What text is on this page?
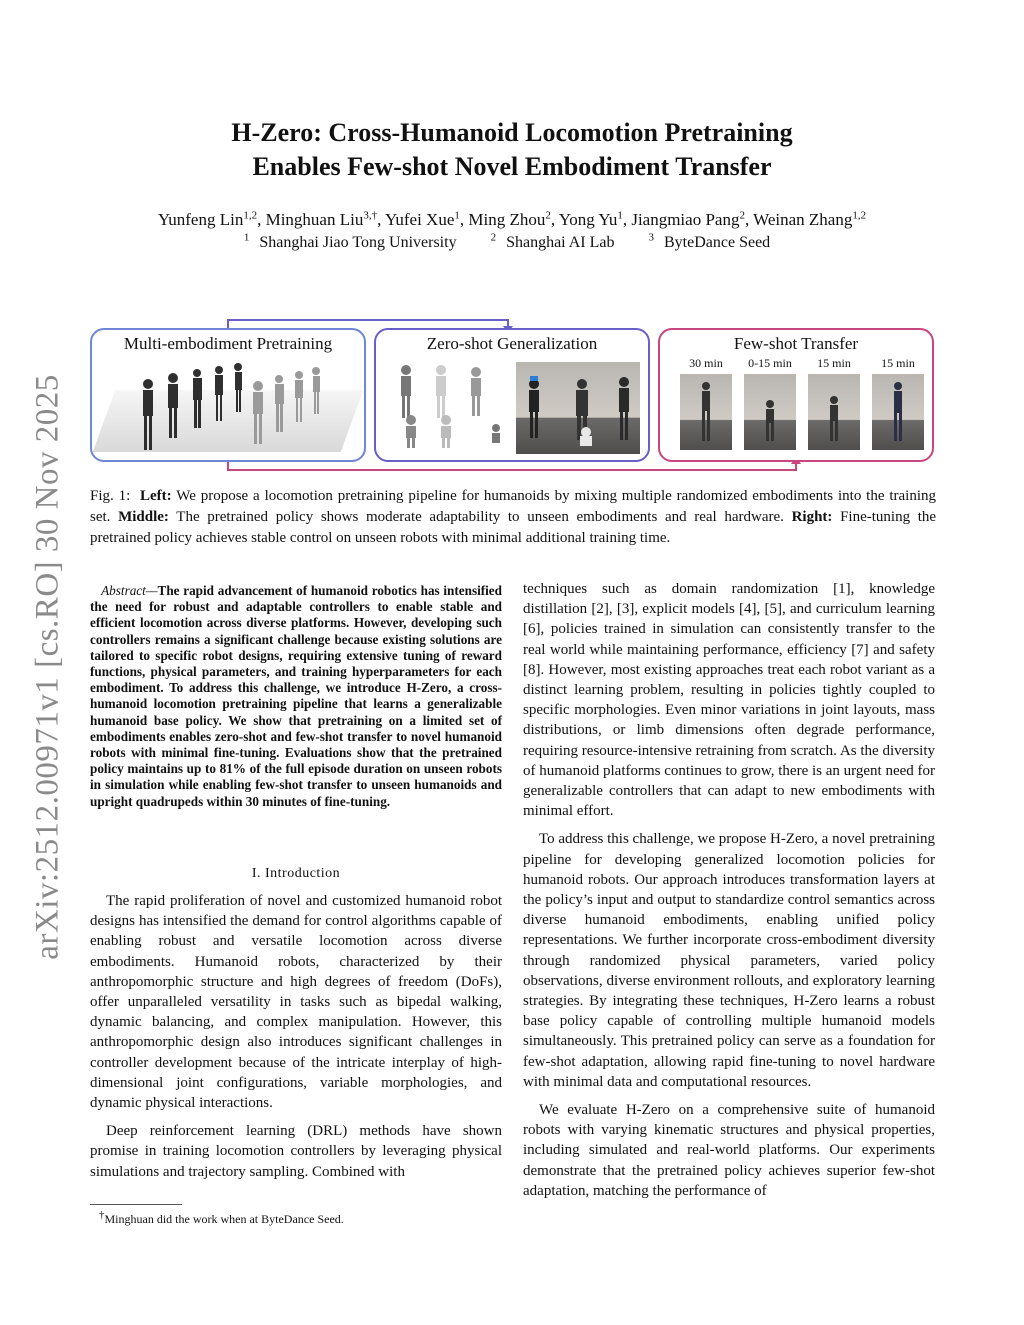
arXiv:2512.00971v1 [cs.RO] 30 Nov 2025
H-Zero: Cross-Humanoid Locomotion Pretraining
Enables Few-shot Novel Embodiment Transfer
Yunfeng Lin$^{1,2}$, Minghuan Liu$^{3,\dagger}$, Yufei Xue$^1$, Ming Zhou$^2$, Yong Yu$^1$, Jiangmiao Pang$^2$, Weinan Zhang$^{1,2}$
$^1$ Shanghai Jiao Tong University	$^2$ Shanghai AI Lab	$^3$ ByteDance Seed
Multi-embodiment Pretraining	Zero-shot Generalization	Few-shot Transfer
30 min	0-15 min	15 min	15 min
Fig. 1: Left: We propose a locomotion pretraining pipeline for humanoids by mixing multiple randomized embodiments into the training set. Middle: The pretrained policy shows moderate adaptability to unseen embodiments and real hardware. Right: Fine-tuning the pretrained policy achieves stable control on unseen robots with minimal additional training time.
Abstract—The rapid advancement of humanoid robotics has intensified the need for robust and adaptable controllers to enable stable and efficient locomotion across diverse platforms. However, developing such controllers remains a significant challenge because existing solutions are tailored to specific robot designs, requiring extensive tuning of reward functions, physical parameters, and training hyperparameters for each embodiment. To address this challenge, we introduce H-Zero, a cross-humanoid locomotion pretraining pipeline that learns a generalizable humanoid base policy. We show that pretraining on a limited set of embodiments enables zero-shot and few-shot transfer to novel humanoid robots with minimal fine-tuning. Evaluations show that the pretrained policy maintains up to 81% of the full episode duration on unseen robots in simulation while enabling few-shot transfer to unseen humanoids and upright quadrupeds within 30 minutes of fine-tuning.
I. Introduction

The rapid proliferation of novel and customized humanoid robot designs has intensified the demand for control algorithms capable of enabling robust and versatile locomotion across diverse embodiments. Humanoid robots, characterized by their anthropomorphic structure and high degrees of freedom (DoFs), offer unparalleled versatility in tasks such as bipedal walking, dynamic balancing, and complex manipulation. However, this anthropomorphic design also introduces significant challenges in controller development because of the intricate interplay of high-dimensional joint configurations, variable morphologies, and dynamic physical interactions.

Deep reinforcement learning (DRL) methods have shown promise in training locomotion controllers by leveraging physical simulations and trajectory sampling. Combined with

†Minghuan did the work when at ByteDance Seed.

techniques such as domain randomization [1], knowledge distillation [2], [3], explicit models [4], [5], and curriculum learning [6], policies trained in simulation can consistently transfer to the real world while maintaining performance, efficiency [7] and safety [8]. However, most existing approaches treat each robot variant as a distinct learning problem, resulting in policies tightly coupled to specific morphologies. Even minor variations in joint layouts, mass distributions, or limb dimensions often degrade performance, requiring resource-intensive retraining from scratch. As the diversity of humanoid platforms continues to grow, there is an urgent need for generalizable controllers that can adapt to new embodiments with minimal effort.

To address this challenge, we propose H-Zero, a novel pretraining pipeline for developing generalized locomotion policies for humanoid robots. Our approach introduces transformation layers at the policy’s input and output to standardize control semantics across diverse humanoid embodiments, enabling unified policy representations. We further incorporate cross-embodiment diversity through randomized physical parameters, varied policy observations, diverse environment rollouts, and exploratory learning strategies. By integrating these techniques, H-Zero learns a robust base policy capable of controlling multiple humanoid models simultaneously. This pretrained policy can serve as a foundation for few-shot adaptation, allowing rapid fine-tuning to novel hardware with minimal data and computational resources.

We evaluate H-Zero on a comprehensive suite of humanoid robots with varying kinematic structures and physical properties, including simulated and real-world platforms. Our experiments demonstrate that the pretrained policy achieves superior few-shot adaptation, matching the performance of
